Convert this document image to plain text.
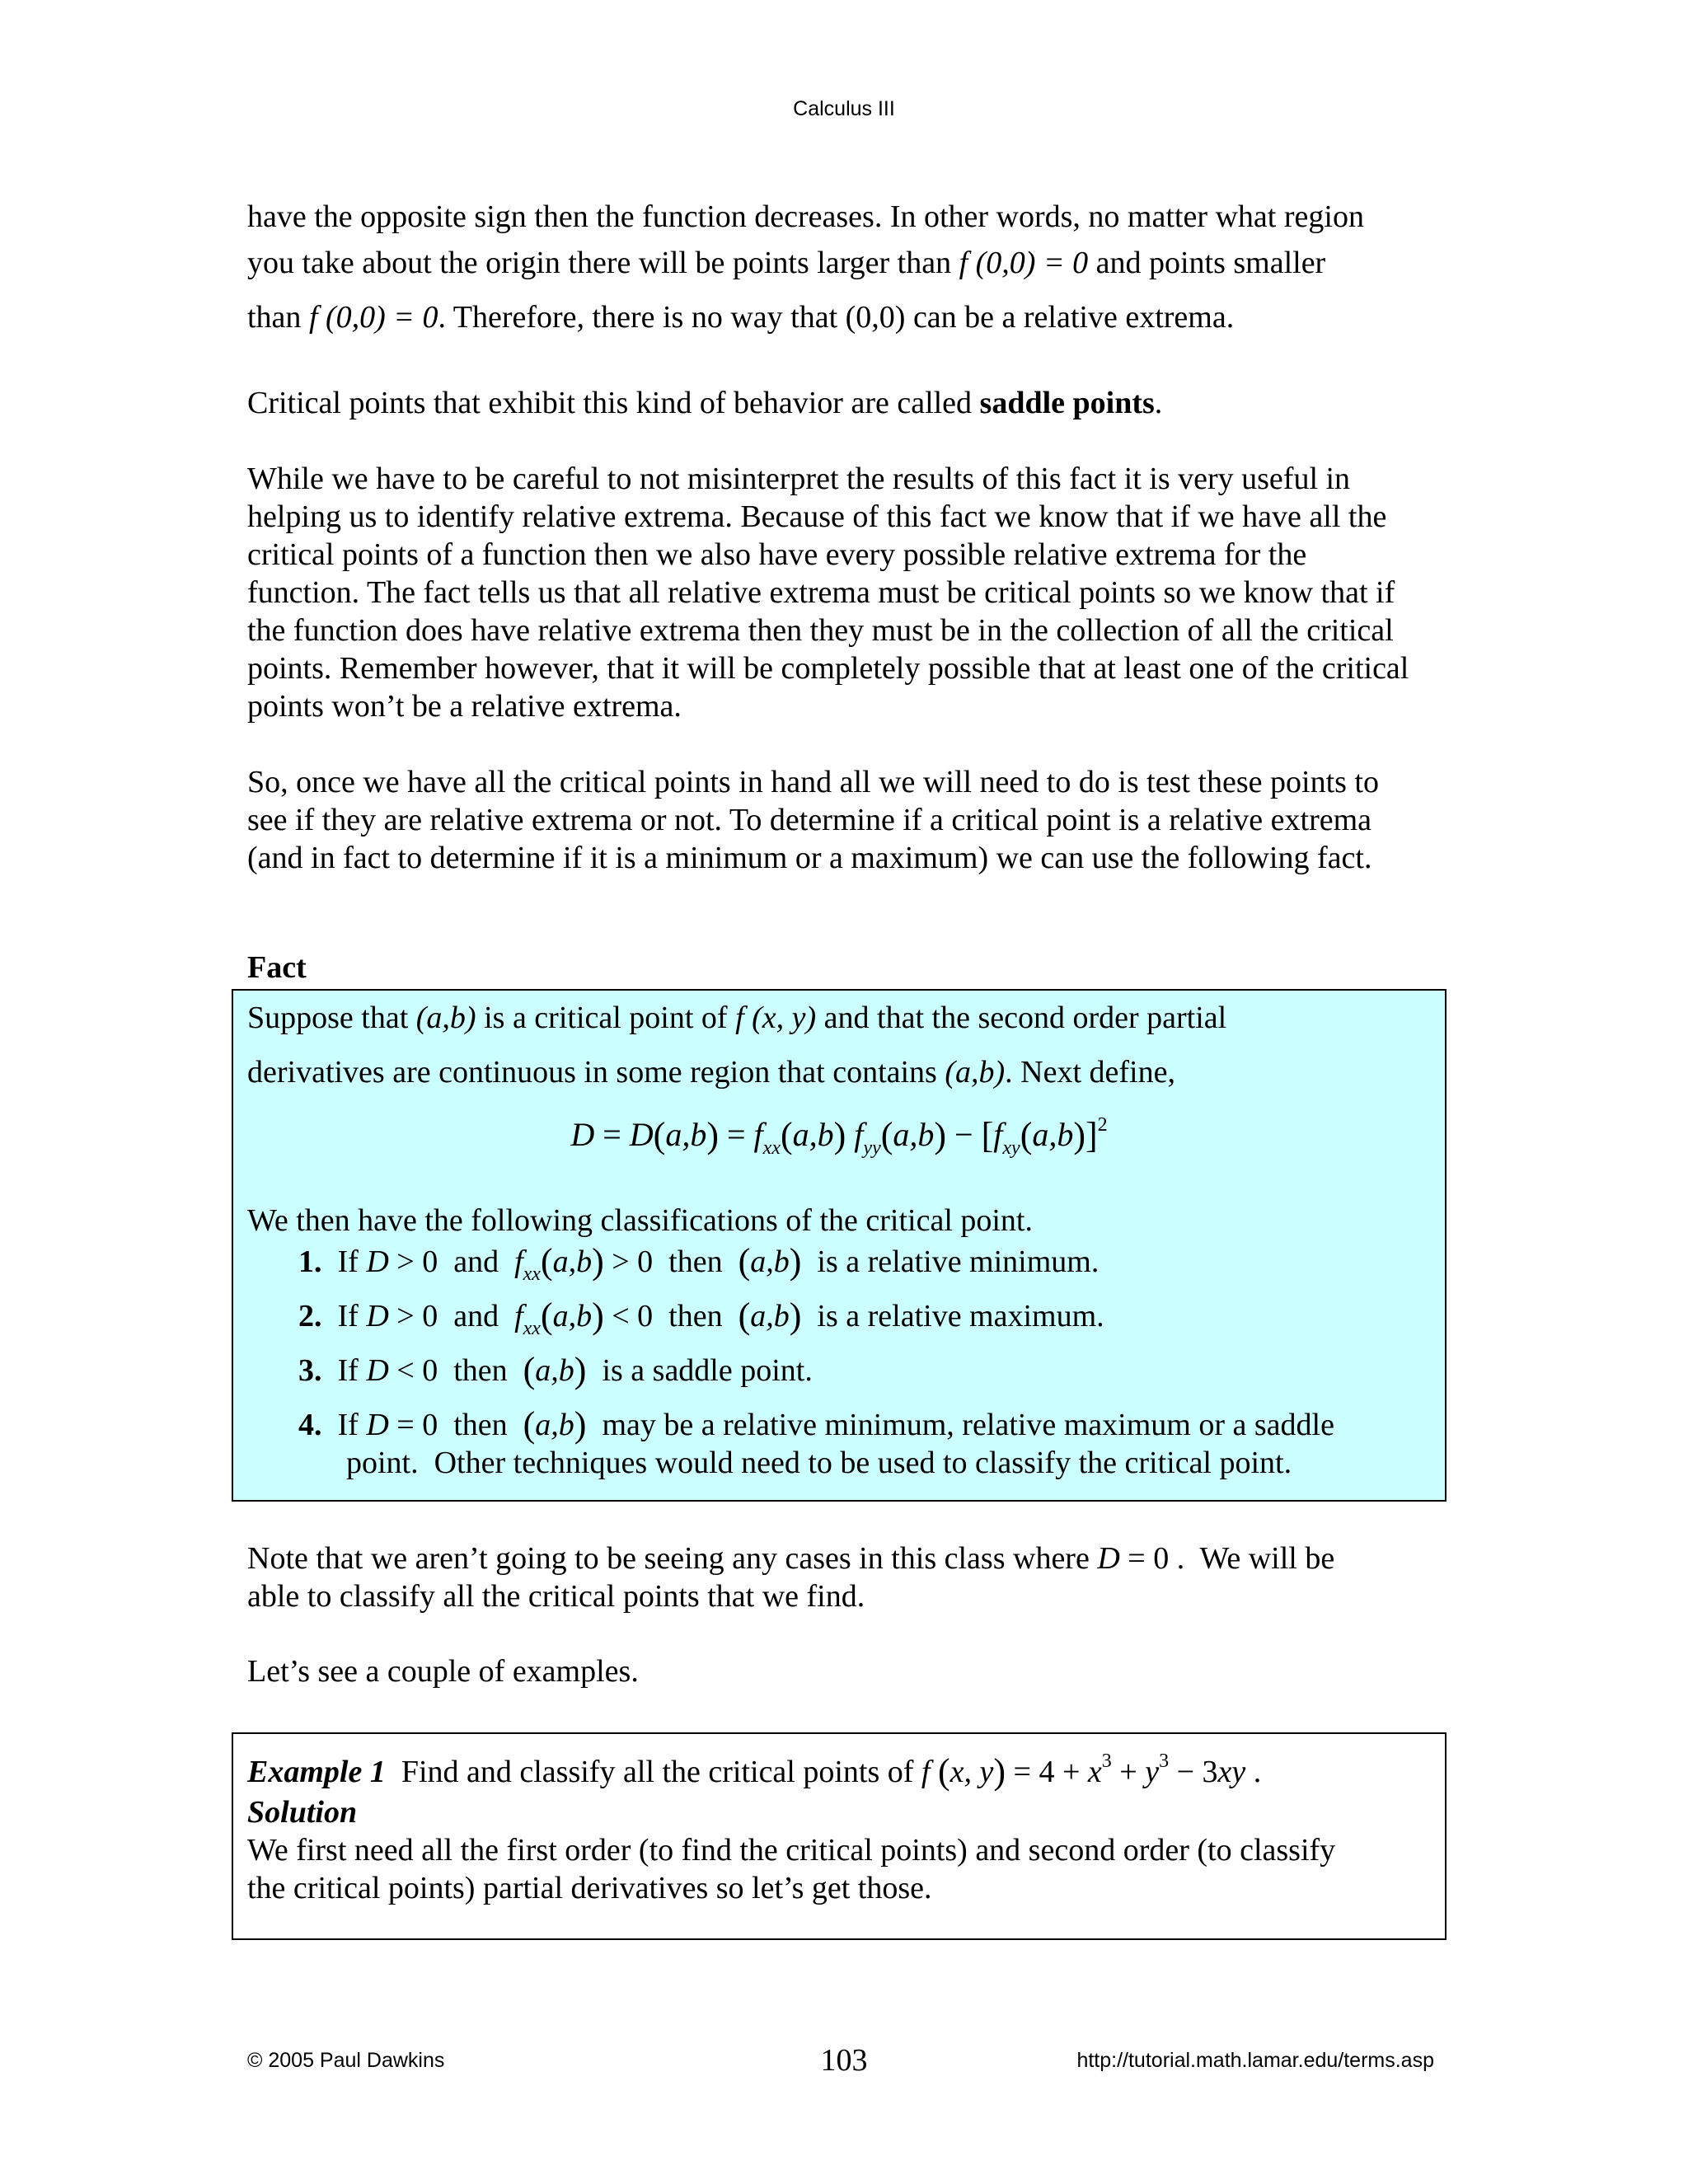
Calculus III

have the opposite sign then the function decreases. In other words, no matter what region

you take about the origin there will be points larger than f (0,0) = 0 and points smaller

than f (0,0) = 0. Therefore, there is no way that (0,0) can be a relative extrema.

Critical points that exhibit this kind of behavior are called saddle points.

While we have to be careful to not misinterpret the results of this fact it is very useful in helping us to identify relative extrema. Because of this fact we know that if we have all the critical points of a function then we also have every possible relative extrema for the function. The fact tells us that all relative extrema must be critical points so we know that if the function does have relative extrema then they must be in the collection of all the critical points. Remember however, that it will be completely possible that at least one of the critical points won’t be a relative extrema.

So, once we have all the critical points in hand all we will need to do is test these points to see if they are relative extrema or not. To determine if a critical point is a relative extrema (and in fact to determine if it is a minimum or a maximum) we can use the following fact.

Fact

Suppose that (a,b) is a critical point of f (x, y) and that the second order partial

derivatives are continuous in some region that contains (a,b). Next define,

$D = D(a,b) = f_{xx}(a,b) f_{yy}(a,b) - [f_{xy}(a,b)]^2$

We then have the following classifications of the critical point.

1.  If D > 0  and  $f_{xx}(a,b) > 0$  then  (a,b)  is a relative minimum.
2.  If D > 0  and  $f_{xx}(a,b) < 0$  then  (a,b)  is a relative maximum.
3.  If D < 0  then  (a,b)  is a saddle point.
4.  If D = 0  then  (a,b)  may be a relative minimum, relative maximum or a saddle
point.  Other techniques would need to be used to classify the critical point.

Note that we aren’t going to be seeing any cases in this class where D = 0 .  We will be
able to classify all the critical points that we find.

Let’s see a couple of examples.

Example 1 Find and classify all the critical points of f (x, $y) = 4 + x^3 + y^3 - 3xy$ .

Solution

We first need all the first order (to find the critical points) and second order (to classify
the critical points) partial derivatives so let’s get those.

© 2005 Paul Dawkins	103	http://tutorial.math.lamar.edu/terms.asp
